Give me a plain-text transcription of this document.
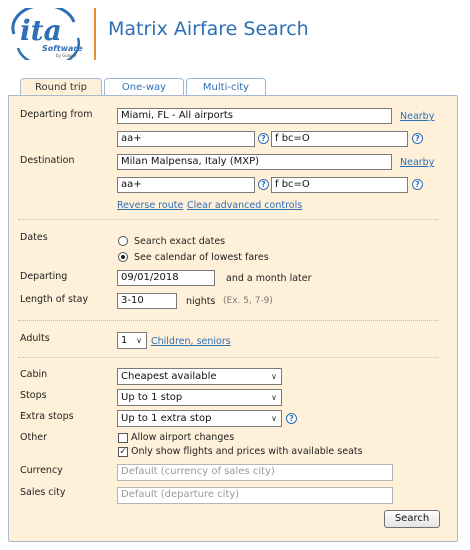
ita
Software
by Google
Matrix Airfare Search
Round trip	One-way	Multi-city
Departing from	Miami, FL - All airports	Nearby
aa+	? f bc=O	?
Destination	Milan Malpensa, Italy (MXP)	Nearby
aa+	? f bc=O	?
Reverse route Clear advanced controls
Dates	Search exact dates
See calendar of lowest fares
Departing	09/01/2018	and a month later
Length of stay	3-10	nights (Ex. 5, 7-9)
Adults	1 ∨ Children, seniors
Cabin	Cheapest available	∨
Stops	Up to 1 stop	∨
Extra stops	Up to 1 extra stop	∨	?
Other	Allow airport changes
✓ Only show flights and prices with available seats
Currency	Default (currency of sales city)
Sales city	Default (departure city)
Search
